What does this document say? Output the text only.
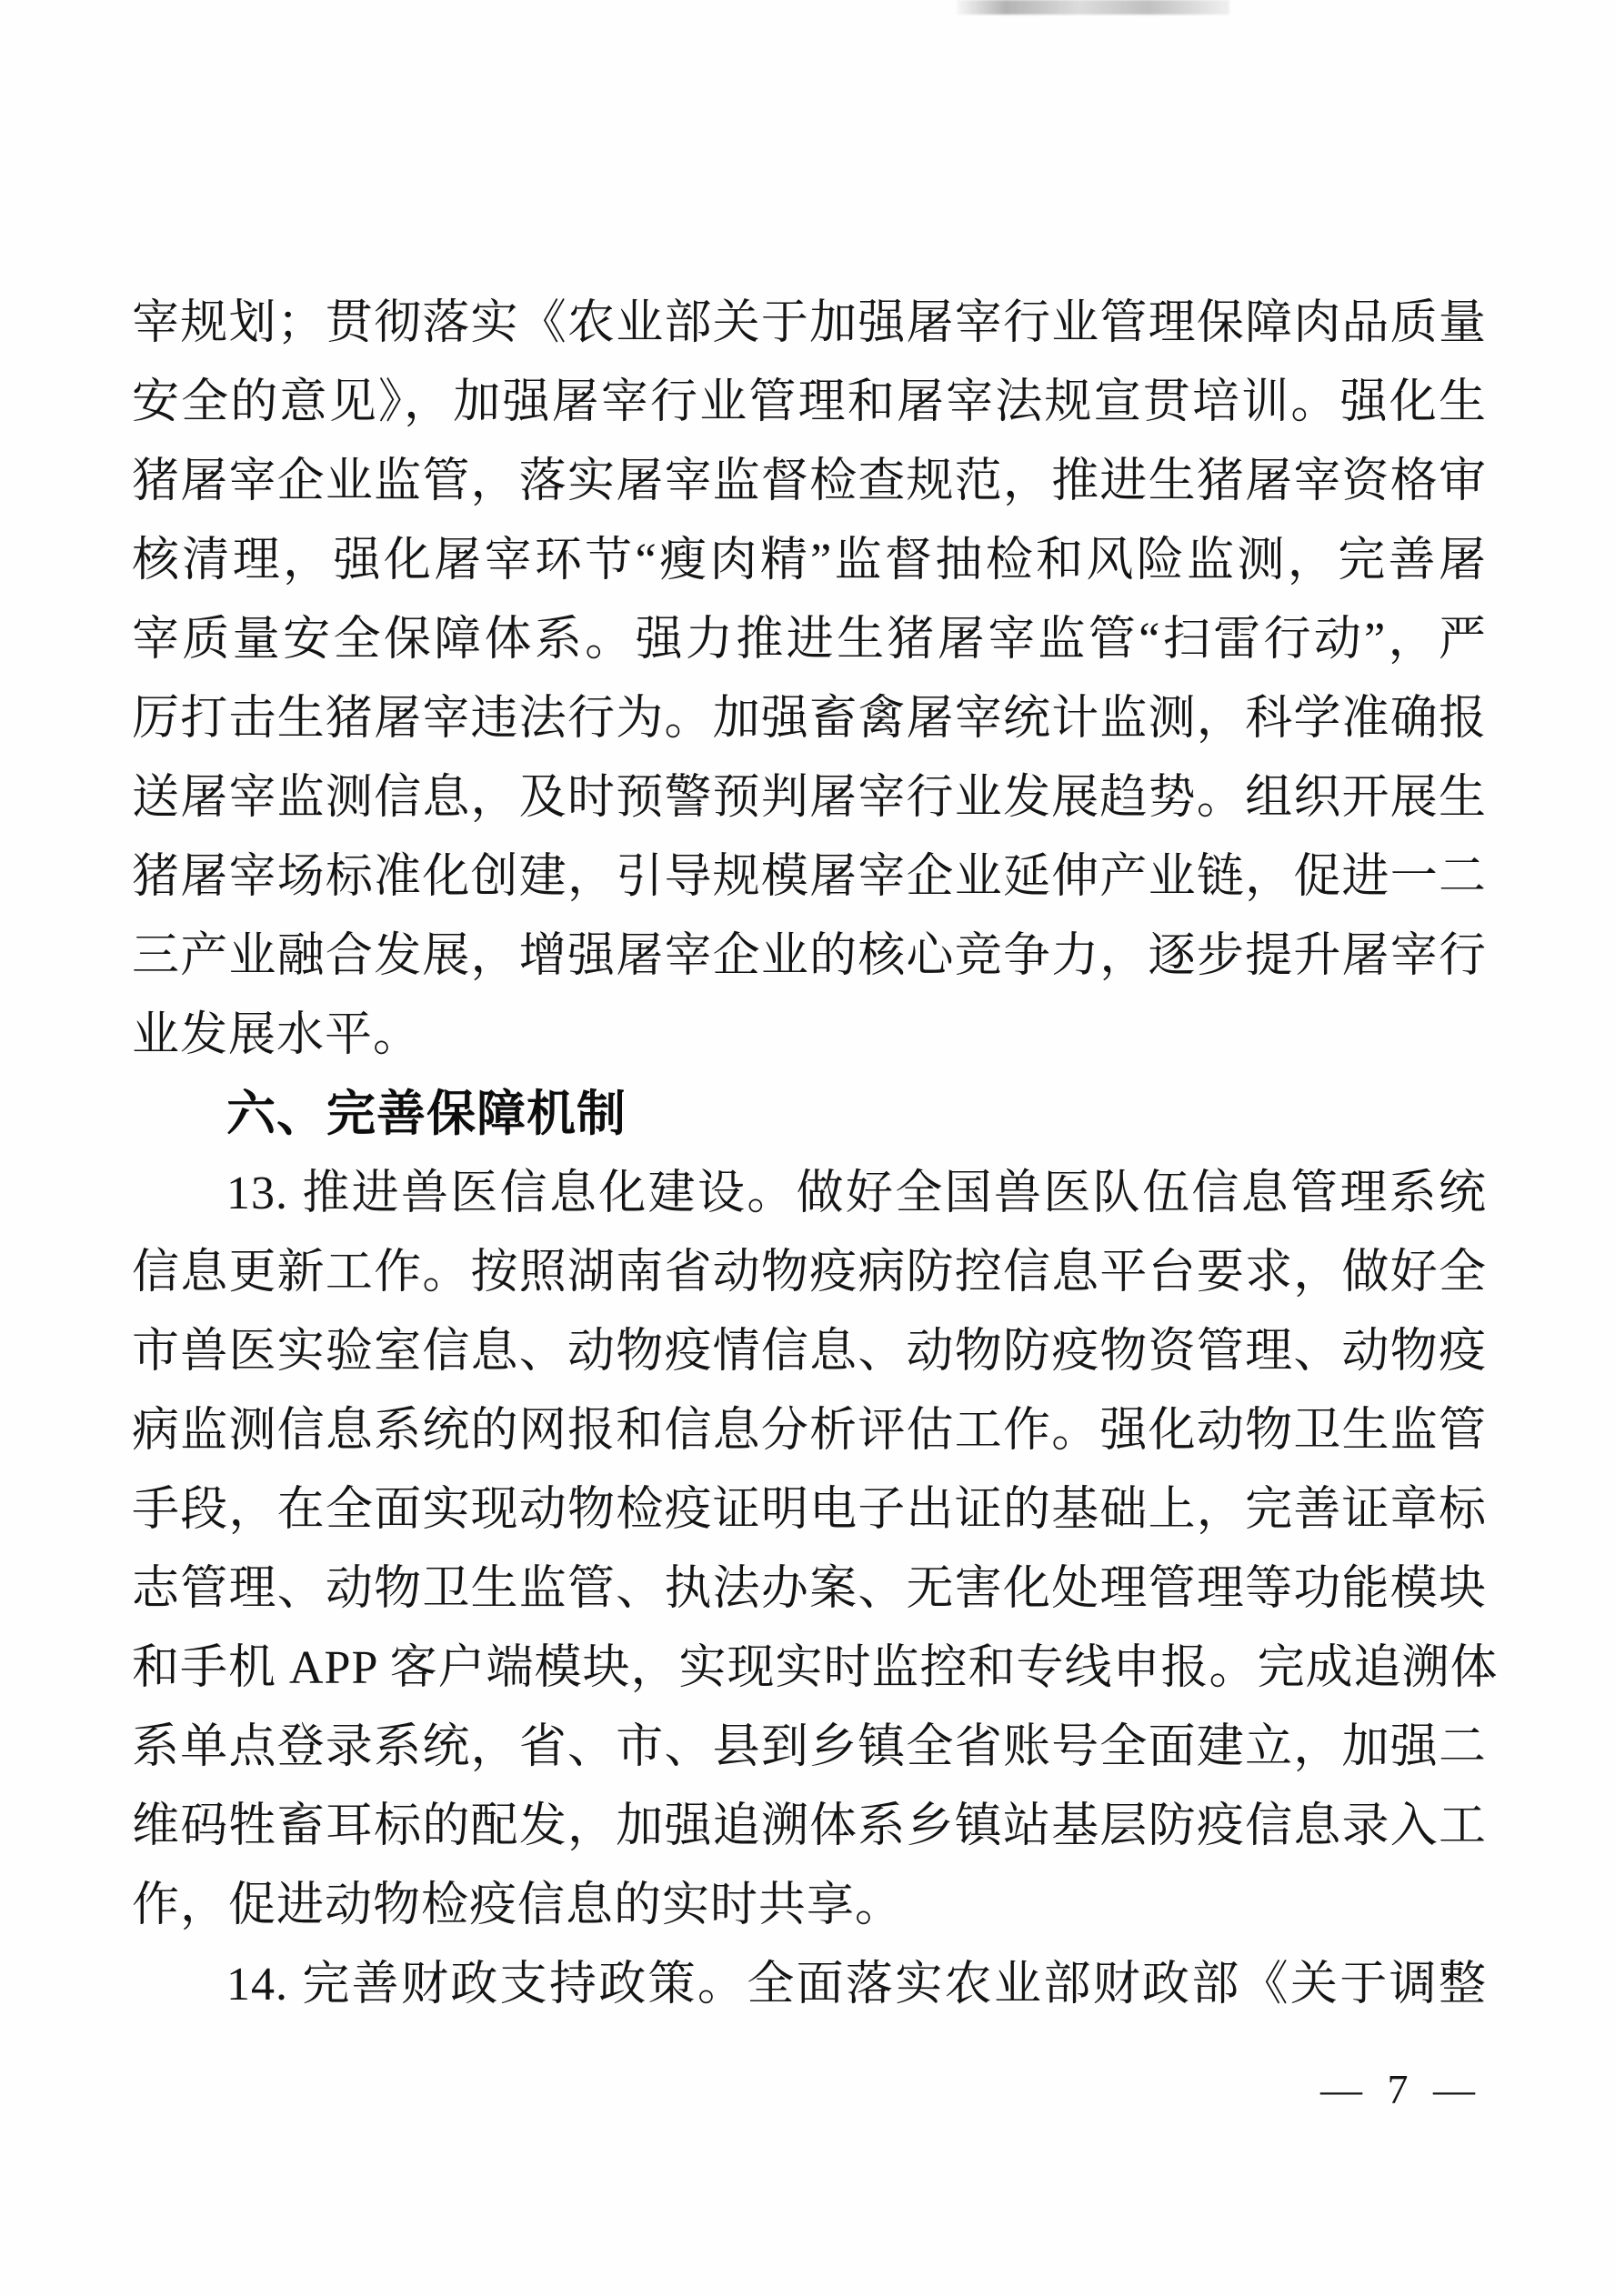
宰规划；贯彻落实《农业部关于加强屠宰行业管理保障肉品质量
安全的意见》，加强屠宰行业管理和屠宰法规宣贯培训。强化生
猪屠宰企业监管，落实屠宰监督检查规范，推进生猪屠宰资格审
核清理，强化屠宰环节“瘦肉精”监督抽检和风险监测，完善屠
宰质量安全保障体系。强力推进生猪屠宰监管“扫雷行动”，严
厉打击生猪屠宰违法行为。加强畜禽屠宰统计监测，科学准确报
送屠宰监测信息，及时预警预判屠宰行业发展趋势。组织开展生
猪屠宰场标准化创建，引导规模屠宰企业延伸产业链，促进一二
三产业融合发展，增强屠宰企业的核心竞争力，逐步提升屠宰行
业发展水平。
六、完善保障机制
13. 推进兽医信息化建设。做好全国兽医队伍信息管理系统
信息更新工作。按照湖南省动物疫病防控信息平台要求，做好全
市兽医实验室信息、动物疫情信息、动物防疫物资管理、动物疫
病监测信息系统的网报和信息分析评估工作。强化动物卫生监管
手段，在全面实现动物检疫证明电子出证的基础上，完善证章标
志管理、动物卫生监管、执法办案、无害化处理管理等功能模块
和手机 APP 客户端模块，实现实时监控和专线申报。完成追溯体
系单点登录系统，省、市、县到乡镇全省账号全面建立，加强二
维码牲畜耳标的配发，加强追溯体系乡镇站基层防疫信息录入工
作，促进动物检疫信息的实时共享。
14. 完善财政支持政策。全面落实农业部财政部《关于调整
— 7 —
